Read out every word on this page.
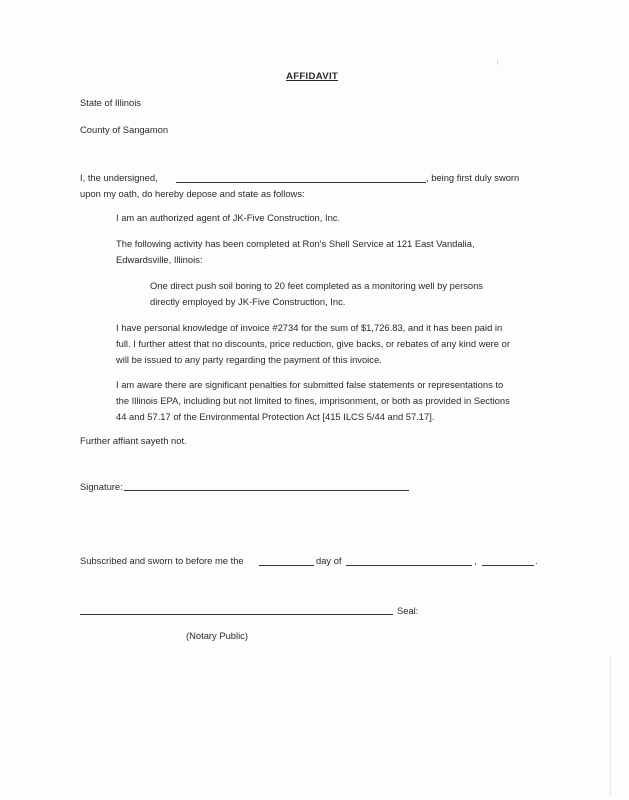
AFFIDAVIT
State of Illinois
County of Sangamon
I, the undersigned,	, being first duly sworn
upon my oath, do hereby depose and state as follows:
I am an authorized agent of JK-Five Construction, Inc.
The following activity has been completed at Ron's Shell Service at 121 East Vandalia,
Edwardsville, Illinois:
One direct push soil boring to 20 feet completed as a monitoring well by persons
directly employed by JK-Five Construction, Inc.
I have personal knowledge of invoice #2734 for the sum of $1,726.83, and it has been paid in
full. I further attest that no discounts, price reduction, give backs, or rebates of any kind were or
will be issued to any party regarding the payment of this invoice.
I am aware there are significant penalties for submitted false statements or representations to
the Illinois EPA, including but not limited to fines, imprisonment, or both as provided in Sections
44 and 57.17 of the Environmental Protection Act [415 ILCS 5/44 and 57.17].
Further affiant sayeth not.
Signature:
Subscribed and sworn to before me the	day of	,	.
Seal:
(Notary Public)
